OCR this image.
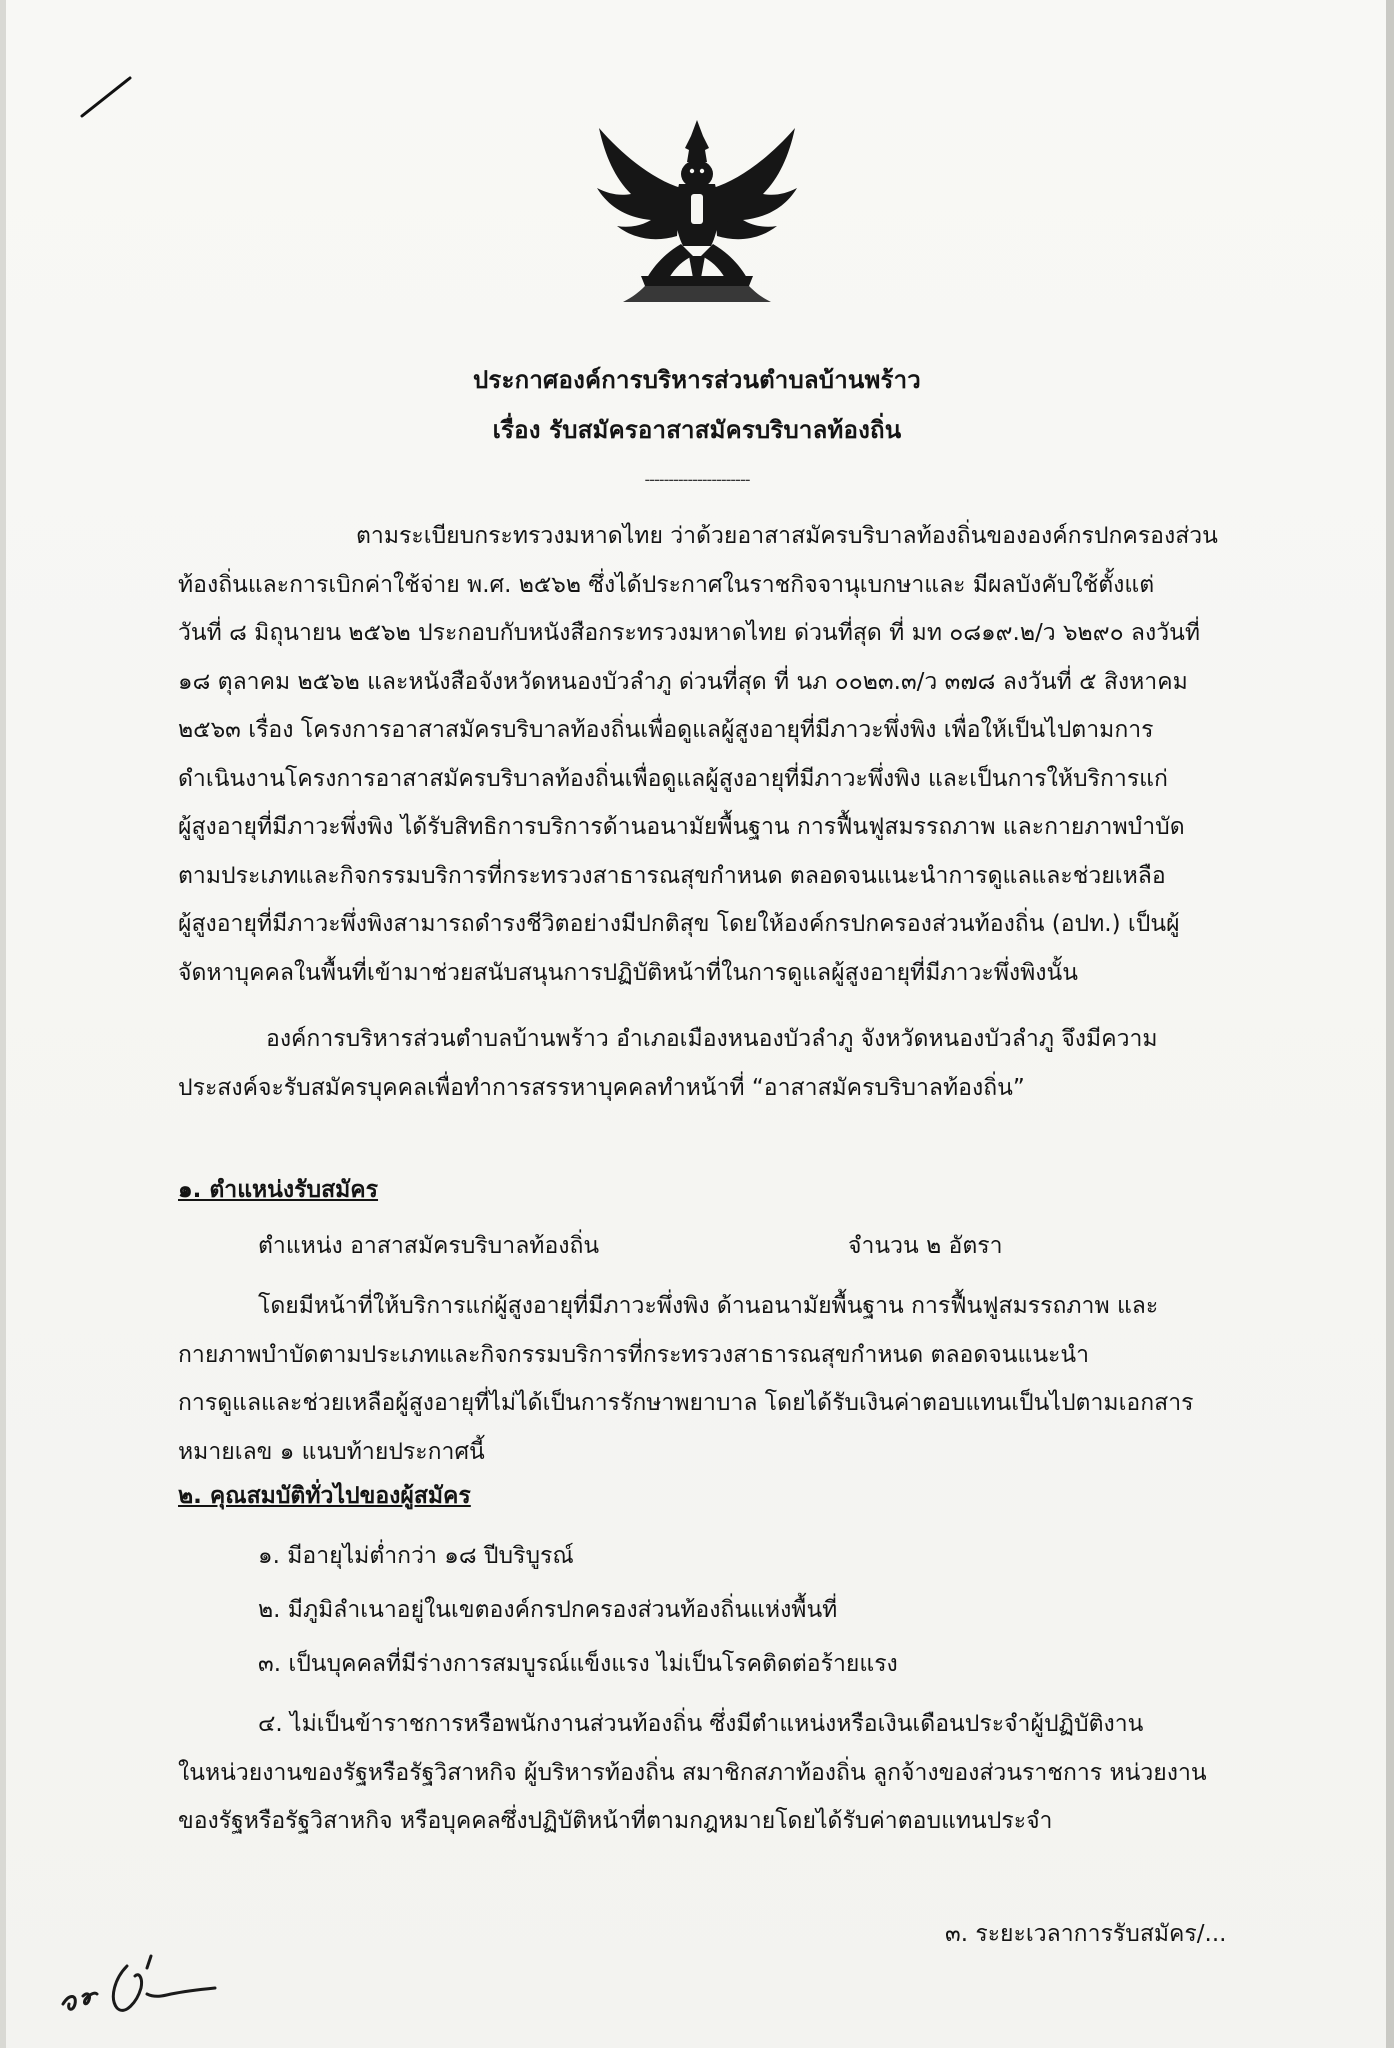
ประกาศองค์การบริหารส่วนตำบลบ้านพร้าว
เรื่อง รับสมัครอาสาสมัครบริบาลท้องถิ่น
----------------------
ตามระเบียบกระทรวงมหาดไทย ว่าด้วยอาสาสมัครบริบาลท้องถิ่นขององค์กรปกครองส่วน
ท้องถิ่นและการเบิกค่าใช้จ่าย พ.ศ. ๒๕๖๒ ซึ่งได้ประกาศในราชกิจจานุเบกษาและ มีผลบังคับใช้ตั้งแต่
วันที่ ๘ มิถุนายน ๒๕๖๒ ประกอบกับหนังสือกระทรวงมหาดไทย ด่วนที่สุด ที่ มท ๐๘๑๙.๒/ว ๖๒๙๐ ลงวันที่
๑๘ ตุลาคม ๒๕๖๒ และหนังสือจังหวัดหนองบัวลำภู ด่วนที่สุด ที่ นภ ๐๐๒๓.๓/ว ๓๗๘ ลงวันที่ ๕ สิงหาคม
๒๕๖๓ เรื่อง โครงการอาสาสมัครบริบาลท้องถิ่นเพื่อดูแลผู้สูงอายุที่มีภาวะพึ่งพิง เพื่อให้เป็นไปตามการ
ดำเนินงานโครงการอาสาสมัครบริบาลท้องถิ่นเพื่อดูแลผู้สูงอายุที่มีภาวะพึ่งพิง และเป็นการให้บริการแก่
ผู้สูงอายุที่มีภาวะพึ่งพิง ได้รับสิทธิการบริการด้านอนามัยพื้นฐาน การฟื้นฟูสมรรถภาพ และกายภาพบำบัด
ตามประเภทและกิจกรรมบริการที่กระทรวงสาธารณสุขกำหนด ตลอดจนแนะนำการดูแลและช่วยเหลือ
ผู้สูงอายุที่มีภาวะพึ่งพิงสามารถดำรงชีวิตอย่างมีปกติสุข โดยให้องค์กรปกครองส่วนท้องถิ่น (อปท.) เป็นผู้
จัดหาบุคคลในพื้นที่เข้ามาช่วยสนับสนุนการปฏิบัติหน้าที่ในการดูแลผู้สูงอายุที่มีภาวะพึ่งพิงนั้น
องค์การบริหารส่วนตำบลบ้านพร้าว อำเภอเมืองหนองบัวลำภู จังหวัดหนองบัวลำภู จึงมีความ
ประสงค์จะรับสมัครบุคคลเพื่อทำการสรรหาบุคคลทำหน้าที่ “อาสาสมัครบริบาลท้องถิ่น”
๑. ตำแหน่งรับสมัคร
ตำแหน่ง อาสาสมัครบริบาลท้องถิ่น	จำนวน ๒ อัตรา
โดยมีหน้าที่ให้บริการแก่ผู้สูงอายุที่มีภาวะพึ่งพิง ด้านอนามัยพื้นฐาน การฟื้นฟูสมรรถภาพ และ
กายภาพบำบัดตามประเภทและกิจกรรมบริการที่กระทรวงสาธารณสุขกำหนด ตลอดจนแนะนำ
การดูแลและช่วยเหลือผู้สูงอายุที่ไม่ได้เป็นการรักษาพยาบาล โดยได้รับเงินค่าตอบแทนเป็นไปตามเอกสาร
หมายเลข ๑ แนบท้ายประกาศนี้
๒. คุณสมบัติทั่วไปของผู้สมัคร
๑. มีอายุไม่ต่ำกว่า ๑๘ ปีบริบูรณ์
๒. มีภูมิลำเนาอยู่ในเขตองค์กรปกครองส่วนท้องถิ่นแห่งพื้นที่
๓. เป็นบุคคลที่มีร่างการสมบูรณ์แข็งแรง ไม่เป็นโรคติดต่อร้ายแรง
๔. ไม่เป็นข้าราชการหรือพนักงานส่วนท้องถิ่น ซึ่งมีตำแหน่งหรือเงินเดือนประจำผู้ปฏิบัติงาน
ในหน่วยงานของรัฐหรือรัฐวิสาหกิจ ผู้บริหารท้องถิ่น สมาชิกสภาท้องถิ่น ลูกจ้างของส่วนราชการ หน่วยงาน
ของรัฐหรือรัฐวิสาหกิจ หรือบุคคลซึ่งปฏิบัติหน้าที่ตามกฎหมายโดยได้รับค่าตอบแทนประจำ
๓. ระยะเวลาการรับสมัคร/...
